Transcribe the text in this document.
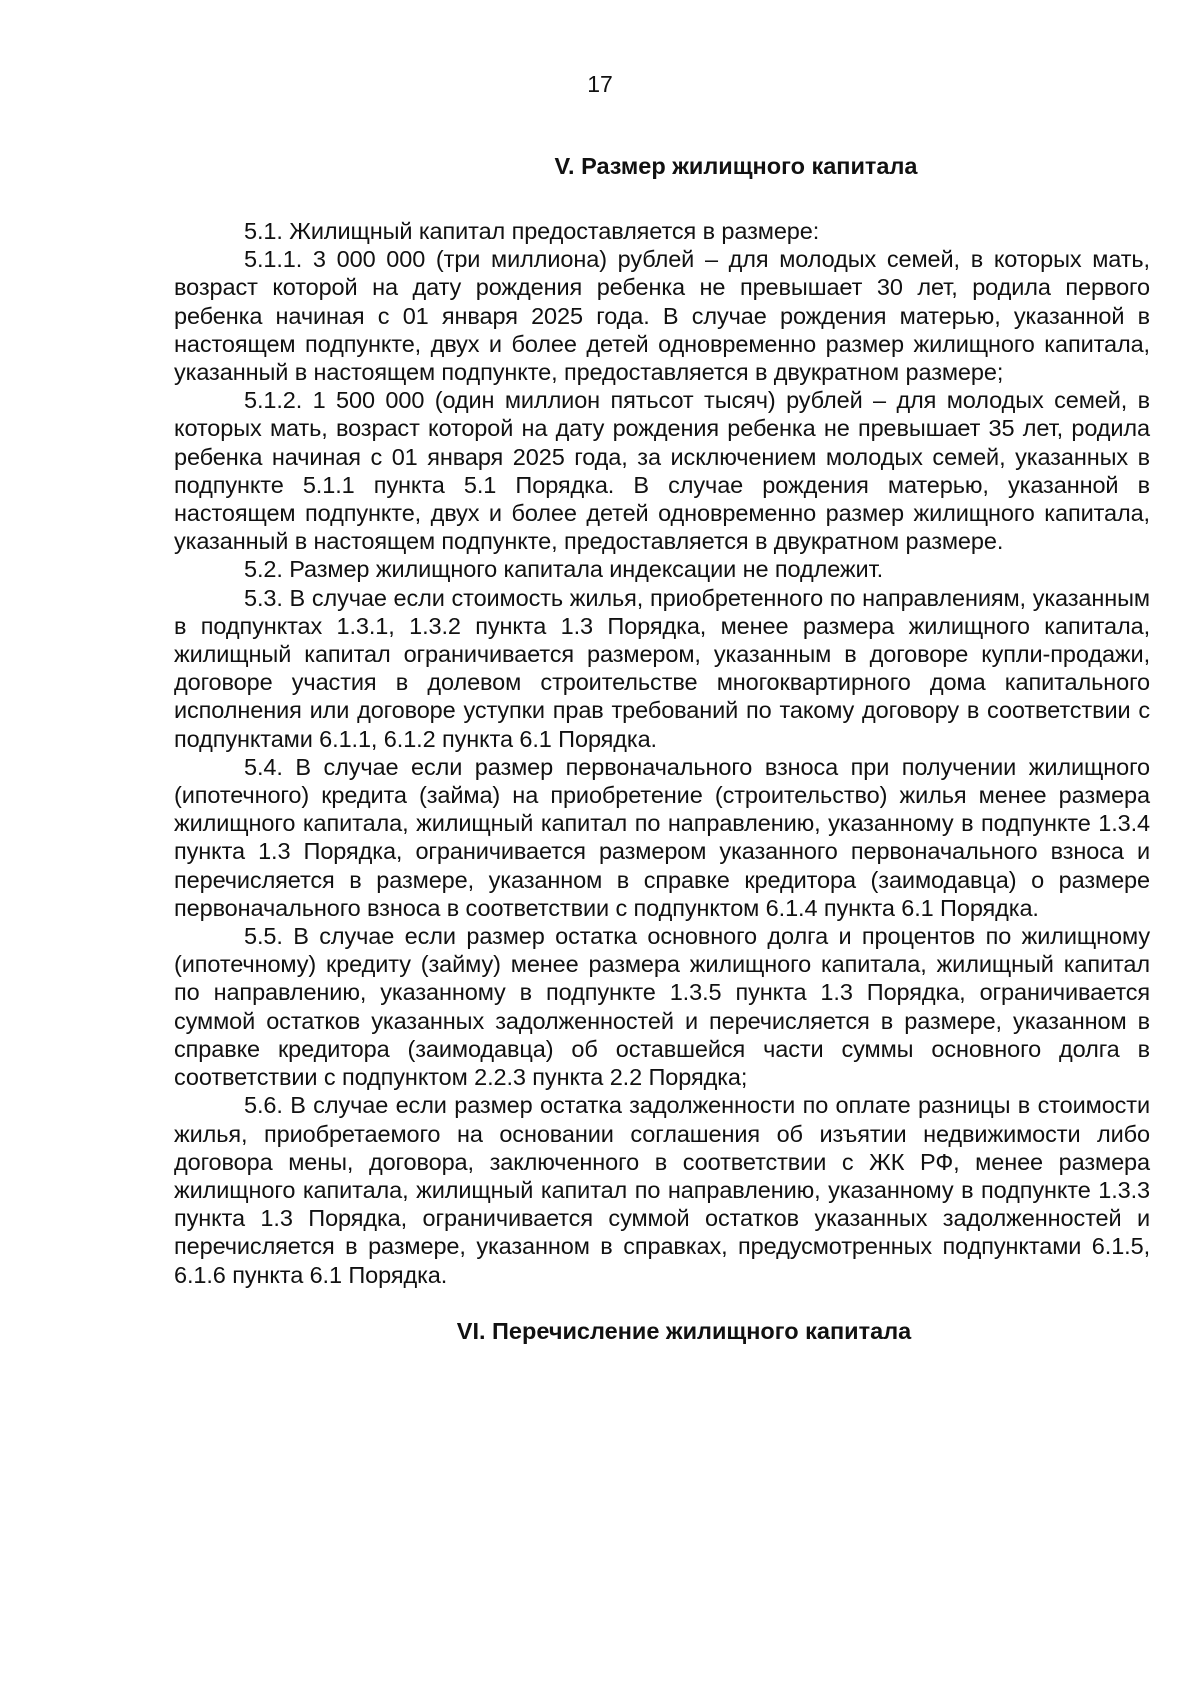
17
V. Размер жилищного капитала

5.1. Жилищный капитал предоставляется в размере:

5.1.1. 3 000 000 (три миллиона) рублей – для молодых семей, в которых мать, возраст которой на дату рождения ребенка не превышает 30 лет, родила первого ребенка начиная с 01 января 2025 года. В случае рождения матерью, указанной в настоящем подпункте, двух и более детей одновременно размер жилищного капитала, указанный в настоящем подпункте, предоставляется в двукратном размере;

5.1.2. 1 500 000 (один миллион пятьсот тысяч) рублей – для молодых семей, в которых мать, возраст которой на дату рождения ребенка не превышает 35 лет, родила ребенка начиная с 01 января 2025 года, за исключением молодых семей, указанных в подпункте 5.1.1 пункта 5.1 Порядка. В случае рождения матерью, указанной в настоящем подпункте, двух и более детей одновременно размер жилищного капитала, указанный в настоящем подпункте, предоставляется в двукратном размере.

5.2. Размер жилищного капитала индексации не подлежит.

5.3. В случае если стоимость жилья, приобретенного по направлениям, указанным в подпунктах 1.3.1, 1.3.2 пункта 1.3 Порядка, менее размера жилищного капитала, жилищный капитал ограничивается размером, указанным в договоре купли-продажи, договоре участия в долевом строительстве многоквартирного дома капитального исполнения или договоре уступки прав требований по такому договору в соответствии с подпунктами 6.1.1, 6.1.2 пункта 6.1 Порядка.

5.4. В случае если размер первоначального взноса при получении жилищного (ипотечного) кредита (займа) на приобретение (строительство) жилья менее размера жилищного капитала, жилищный капитал по направлению, указанному в подпункте 1.3.4 пункта 1.3 Порядка, ограничивается размером указанного первоначального взноса и перечисляется в размере, указанном в справке кредитора (заимодавца) о размере первоначального взноса в соответствии с подпунктом 6.1.4 пункта 6.1 Порядка.

5.5. В случае если размер остатка основного долга и процентов по жилищному (ипотечному) кредиту (займу) менее размера жилищного капитала, жилищный капитал по направлению, указанному в подпункте 1.3.5 пункта 1.3 Порядка, ограничивается суммой остатков указанных задолженностей и перечисляется в размере, указанном в справке кредитора (заимодавца) об оставшейся части суммы основного долга в соответствии с подпунктом 2.2.3 пункта 2.2 Порядка;

5.6. В случае если размер остатка задолженности по оплате разницы в стоимости жилья, приобретаемого на основании соглашения об изъятии недвижимости либо договора мены, договора, заключенного в соответствии с ЖК РФ, менее размера жилищного капитала, жилищный капитал по направлению, указанному в подпункте 1.3.3 пункта 1.3 Порядка, ограничивается суммой остатков указанных задолженностей и перечисляется в размере, указанном в справках, предусмотренных подпунктами 6.1.5, 6.1.6 пункта 6.1 Порядка.

VI. Перечисление жилищного капитала
